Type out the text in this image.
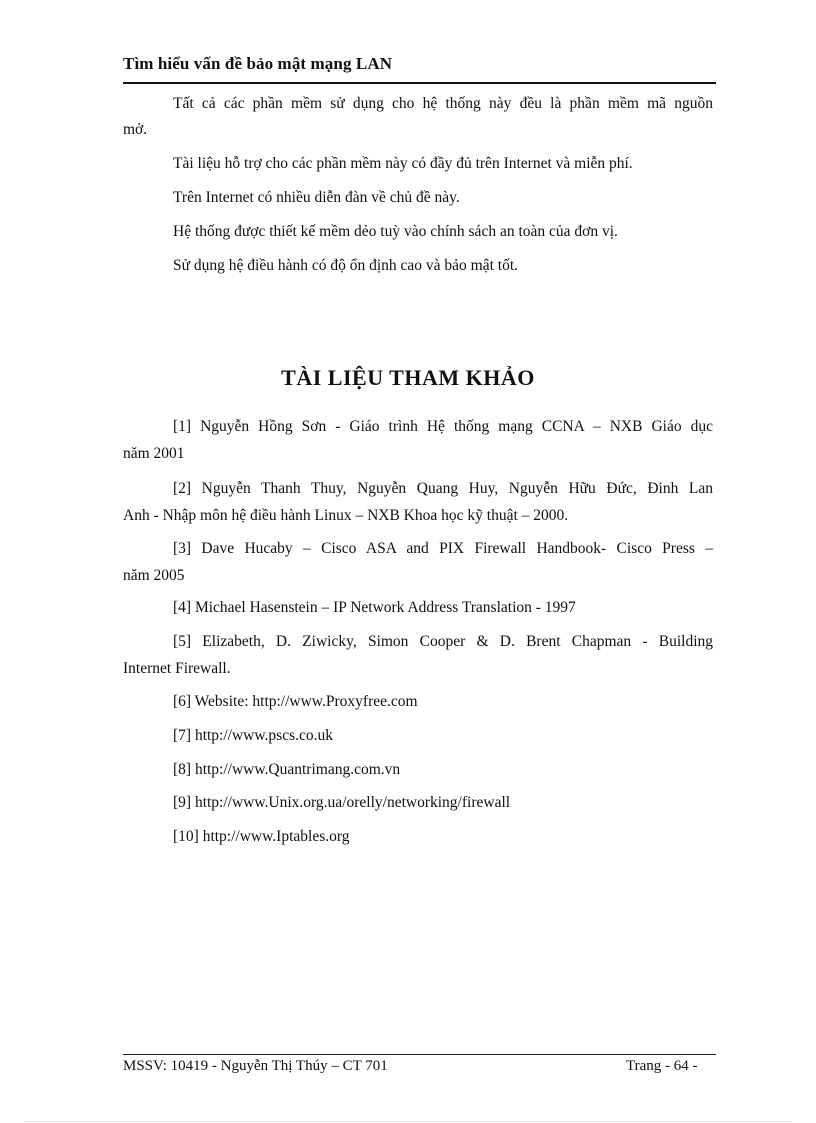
Tìm hiểu vấn đề bảo mật mạng LAN

Tất cả các phần mềm sử dụng cho hệ thống này đều là phần mềm mã nguồn

mở.

Tài liệu hỗ trợ cho các phần mềm này có đầy đủ trên Internet và miễn phí.

Trên Internet có nhiều diễn đàn về chủ đề này.

Hệ thống được thiết kế mềm dẻo tuỳ vào chính sách an toàn của đơn vị.

Sử dụng hệ điều hành có độ ổn định cao và bảo mật tốt.

TÀI LIỆU THAM KHẢO
[1] Nguyễn Hồng Sơn - Giáo trình Hệ thống mạng CCNA – NXB Giáo dục
năm 2001
[2] Nguyễn Thanh Thuy, Nguyễn Quang Huy, Nguyễn Hữu Đức, Đinh Lan
Anh - Nhập môn hệ điều hành Linux – NXB Khoa học kỹ thuật – 2000.
[3] Dave Hucaby – Cisco ASA and PIX Firewall Handbook- Cisco Press –
năm 2005
[4] Michael Hasenstein – IP Network Address Translation - 1997
[5] Elizabeth, D. Ziwicky, Simon Cooper & D. Brent Chapman - Building
Internet Firewall.
[6] Website: http://www.Proxyfree.com
[7] http://www.pscs.co.uk
[8] http://www.Quantrimang.com.vn
[9] http://www.Unix.org.ua/orelly/networking/firewall
[10] http://www.Iptables.org
MSSV: 10419 - Nguyễn Thị Thúy – CT 701	Trang - 64 -
